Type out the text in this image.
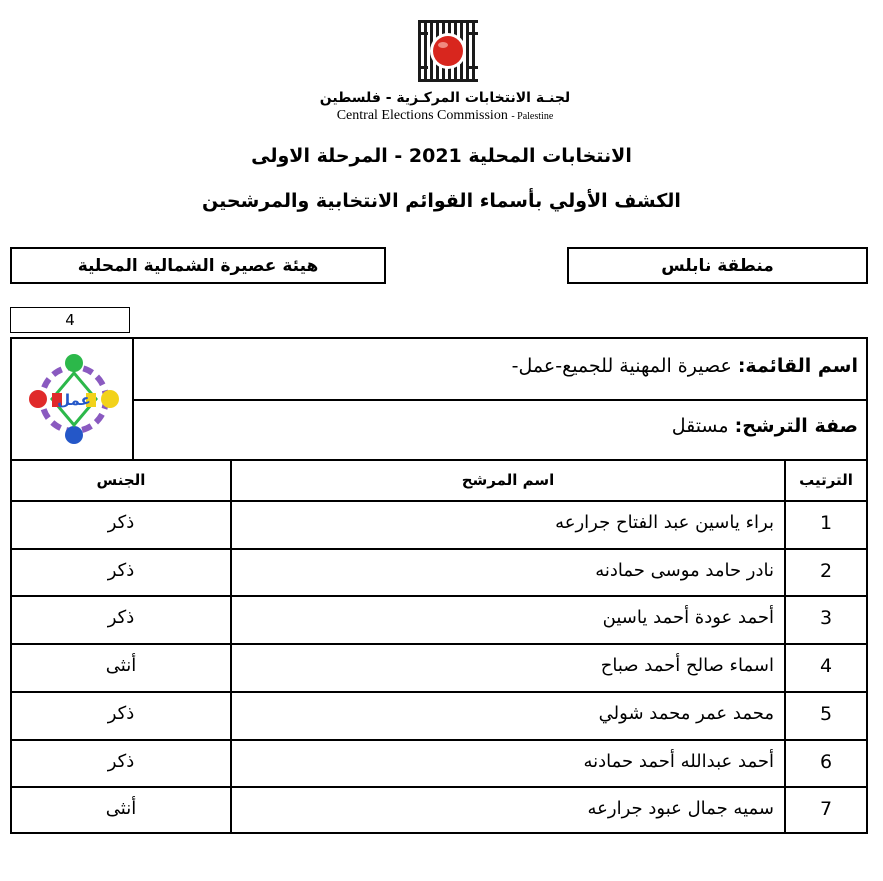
لجنـة الانتخابات المركـزية - فلسطين
Central Elections Commission - Palestine
الانتخابات المحلية 2021 - المرحلة الاولى
الكشف الأولي بأسماء القوائم الانتخابية والمرشحين
منطقة نابلس
هيئة عصيرة الشمالية المحلية
4
عمل
اسم القائمة: عصيرة المهنية للجميع-عمل-
صفة الترشح: مستقل
الترتيب
اسم المرشح
الجنس
1
براء ياسين عبد الفتاح جرارعه
ذكر
2
نادر حامد موسى حمادنه
ذكر
3
أحمد عودة أحمد ياسين
ذكر
4
اسماء صالح أحمد صباح
أنثى
5
محمد عمر محمد شولي
ذكر
6
أحمد عبدالله أحمد حمادنه
ذكر
7
سميه جمال عبود جرارعه
أنثى
